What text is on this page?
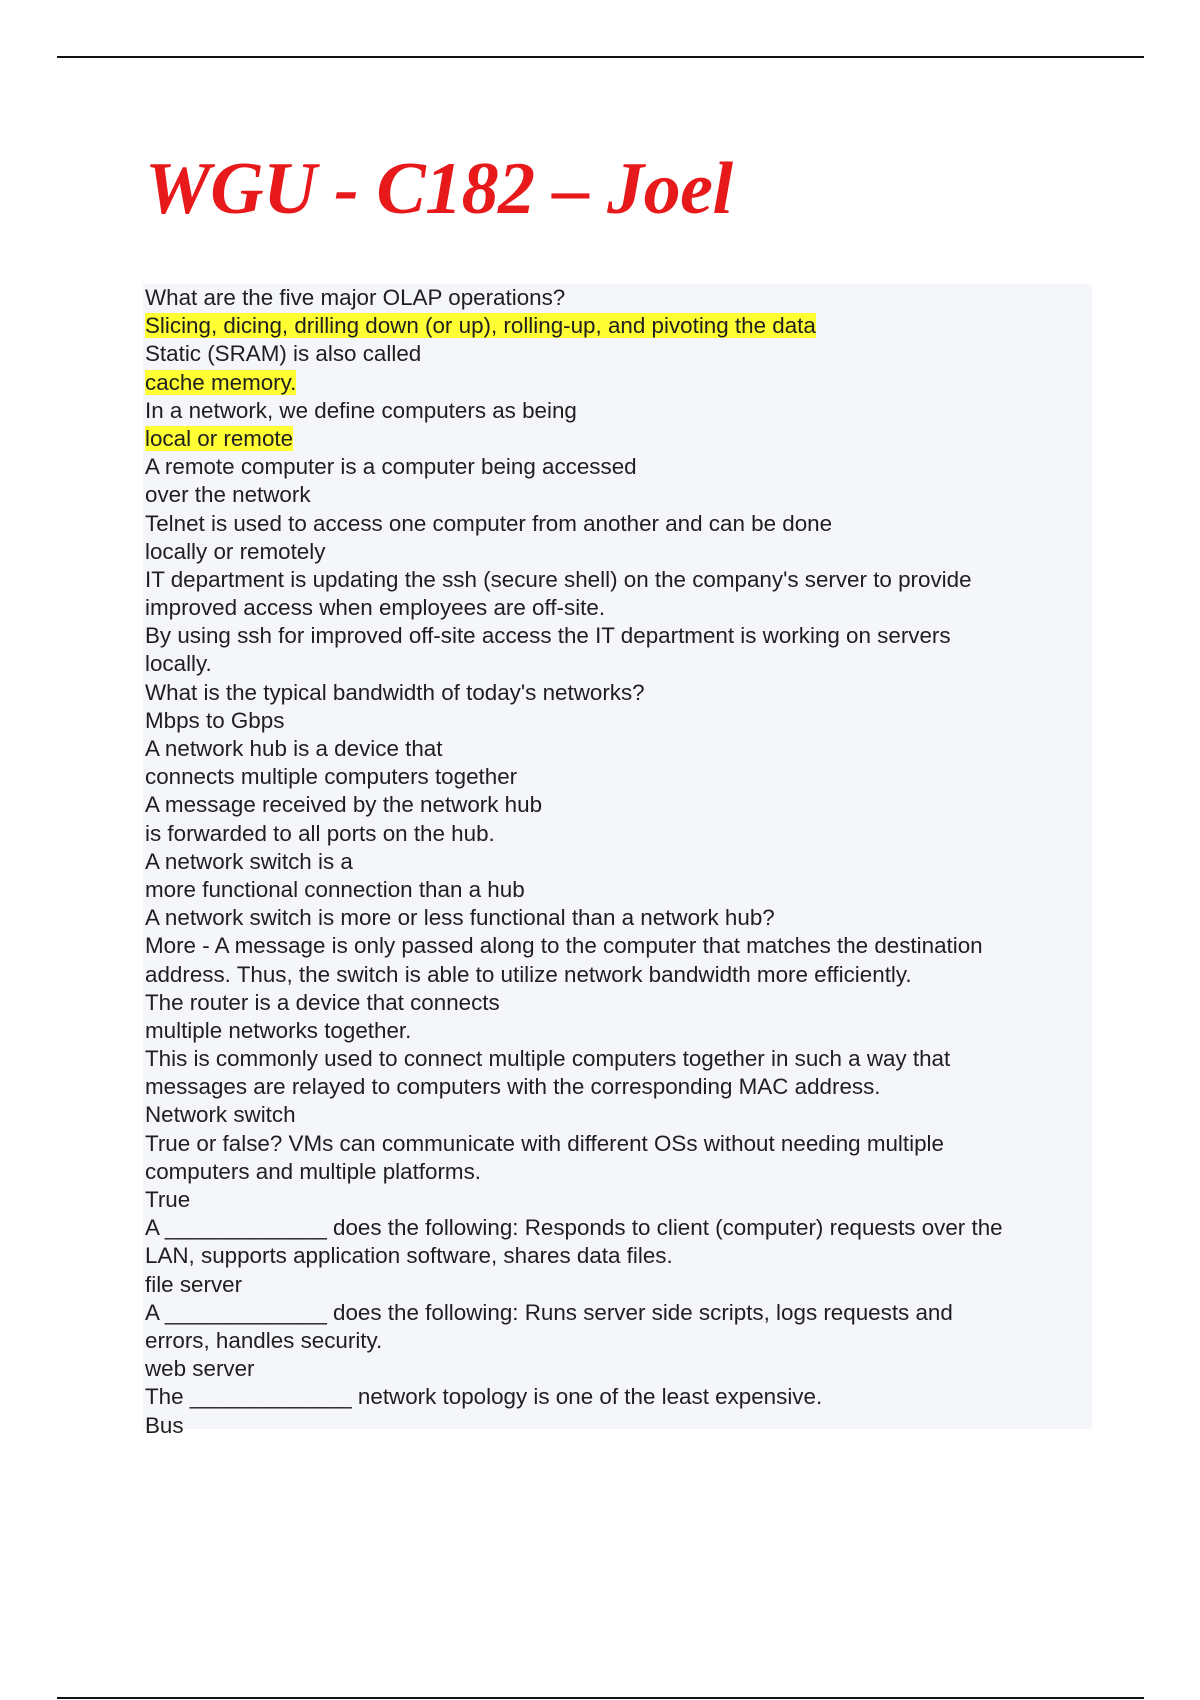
WGU - C182 – Joel
What are the five major OLAP operations?
Slicing, dicing, drilling down (or up), rolling-up, and pivoting the data
Static (SRAM) is also called
cache memory.
In a network, we define computers as being
local or remote
A remote computer is a computer being accessed
over the network
Telnet is used to access one computer from another and can be done
locally or remotely
IT department is updating the ssh (secure shell) on the company's server to provide
improved access when employees are off-site.
By using ssh for improved off-site access the IT department is working on servers
locally.
What is the typical bandwidth of today's networks?
Mbps to Gbps
A network hub is a device that
connects multiple computers together
A message received by the network hub
is forwarded to all ports on the hub.
A network switch is a
more functional connection than a hub
A network switch is more or less functional than a network hub?
More - A message is only passed along to the computer that matches the destination
address. Thus, the switch is able to utilize network bandwidth more efficiently.
The router is a device that connects
multiple networks together.
This is commonly used to connect multiple computers together in such a way that
messages are relayed to computers with the corresponding MAC address.
Network switch
True or false? VMs can communicate with different OSs without needing multiple
computers and multiple platforms.
True
A _____________ does the following: Responds to client (computer) requests over the
LAN, supports application software, shares data files.
file server
A _____________ does the following: Runs server side scripts, logs requests and
errors, handles security.
web server
The _____________ network topology is one of the least expensive.
Bus
